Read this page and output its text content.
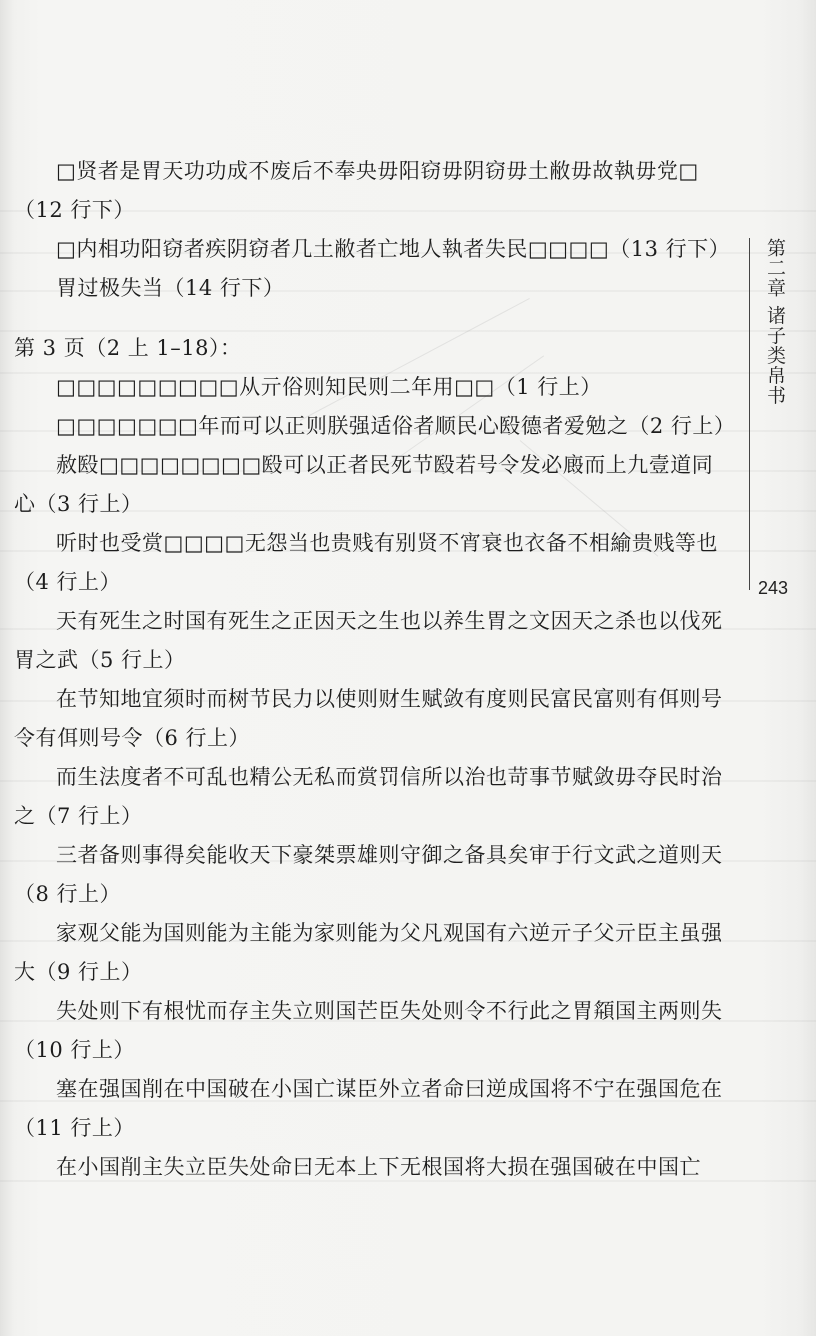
□贤者是胃天功功成不废后不奉央毋阳窃毋阴窃毋土敝毋故執毋党□（12 行下）

□内相功阳窃者疾阴窃者几土敝者亡地人執者失民□□□□（13 行下）

胃过极失当（14 行下）

第 3 页（2 上 1–18）：

□□□□□□□□□从亓俗则知民则二年用□□（1 行上）

□□□□□□□年而可以正则朕强适俗者顺民心殹德者爱勉之（2 行上）

赦殹□□□□□□□□殹可以正者民死节殹若号令发必廄而上九壹道同心（3 行上）

听时也受赏□□□□无怨当也贵贱有别贤不宵衰也衣备不相緰贵贱等也（4 行上）

天有死生之时国有死生之正因天之生也以养生胃之文因天之杀也以伐死胃之武（5 行上）

在节知地宜须时而树节民力以使则财生赋敛有度则民富民富则有佴则号令有佴则号令（6 行上）

而生法度者不可乱也精公无私而赏罚信所以治也苛事节赋敛毋夺民时治之（7 行上）

三者备则事得矣能收天下豪桀票雄则守御之备具矣审于行文武之道则天（8 行上）

家观父能为国则能为主能为家则能为父凡观国有六逆亓子父亓臣主虽强大（9 行上）

失处则下有根忧而存主失立则国芒臣失处则令不行此之胃頯国主两则失（10 行上）

塞在强国削在中国破在小国亡谋臣外立者命曰逆成国将不宁在强国危在（11 行上）

在小国削主失立臣失处命曰无本上下无根国将大损在强国破在中国亡

第二章 诸子类帛书
243
